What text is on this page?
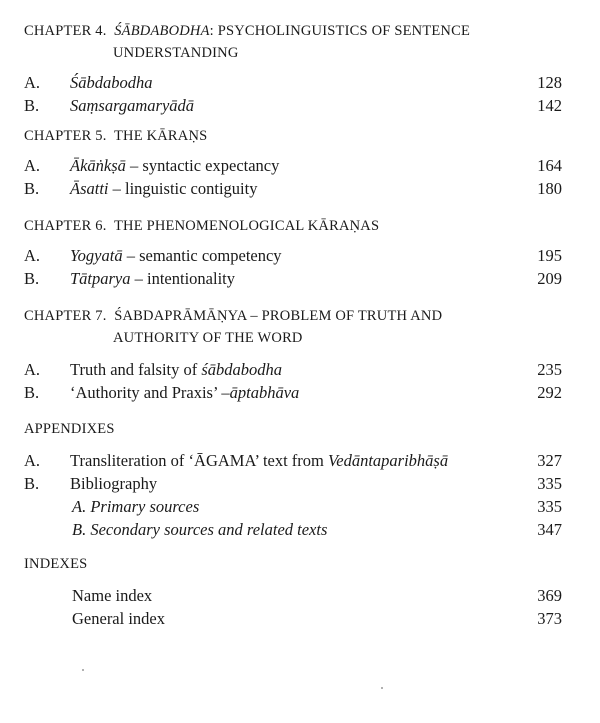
CHAPTER 4. ŚĀBDABODHA: PSYCHOLINGUISTICS OF SENTENCE
UNDERSTANDING
A. Śābdabodha	128
B. Saṃsargamaryādā	142
CHAPTER 5. THE KĀRAṆS
A. Ākāṅkṣā – syntactic expectancy	164
B. Āsatti – linguistic contiguity	180
CHAPTER 6. THE PHENOMENOLOGICAL KĀRAṆAS
A. Yogyatā – semantic competency	195
B. Tātparya – intentionality	209
CHAPTER 7. ŚABDAPRĀMĀṆYA – PROBLEM OF TRUTH AND
AUTHORITY OF THE WORD
A. Truth and falsity of śābdabodha	235
B. ‘Authority and Praxis’ –āptabhāva	292
APPENDIXES
A. Transliteration of ‘ĀGAMA’ text from Vedāntaparibhāṣā	327
B. Bibliography	335
A. Primary sources	335
B. Secondary sources and related texts	347
INDEXES
Name index	369
General index	373
